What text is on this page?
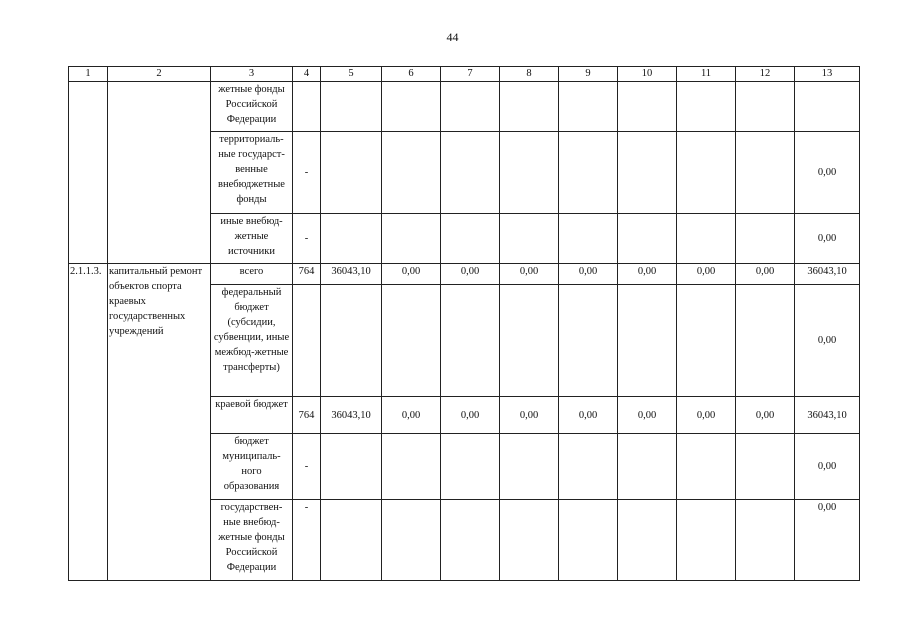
44
1	2	3	4	5	6	7	8	9	10	11	12	13
		жетные фонды Российской Федерации										
		территориаль-ные государст-венные внебюджетные фонды	-									0,00
		иные внебюд-жетные источники	-									0,00
2.1.1.3.	капитальный ремонт объектов спорта краевых государственных учреждений	всего	764	36043,10	0,00	0,00	0,00	0,00	0,00	0,00	0,00	36043,10
		федеральный бюджет (субсидии, субвенции, иные межбюд-жетные трансферты)										0,00
		краевой бюджет	764	36043,10	0,00	0,00	0,00	0,00	0,00	0,00	0,00	36043,10
		бюджет муниципаль-ного образования	-									0,00
		государствен-ные внебюд-жетные фонды Российской Федерации	-									0,00
